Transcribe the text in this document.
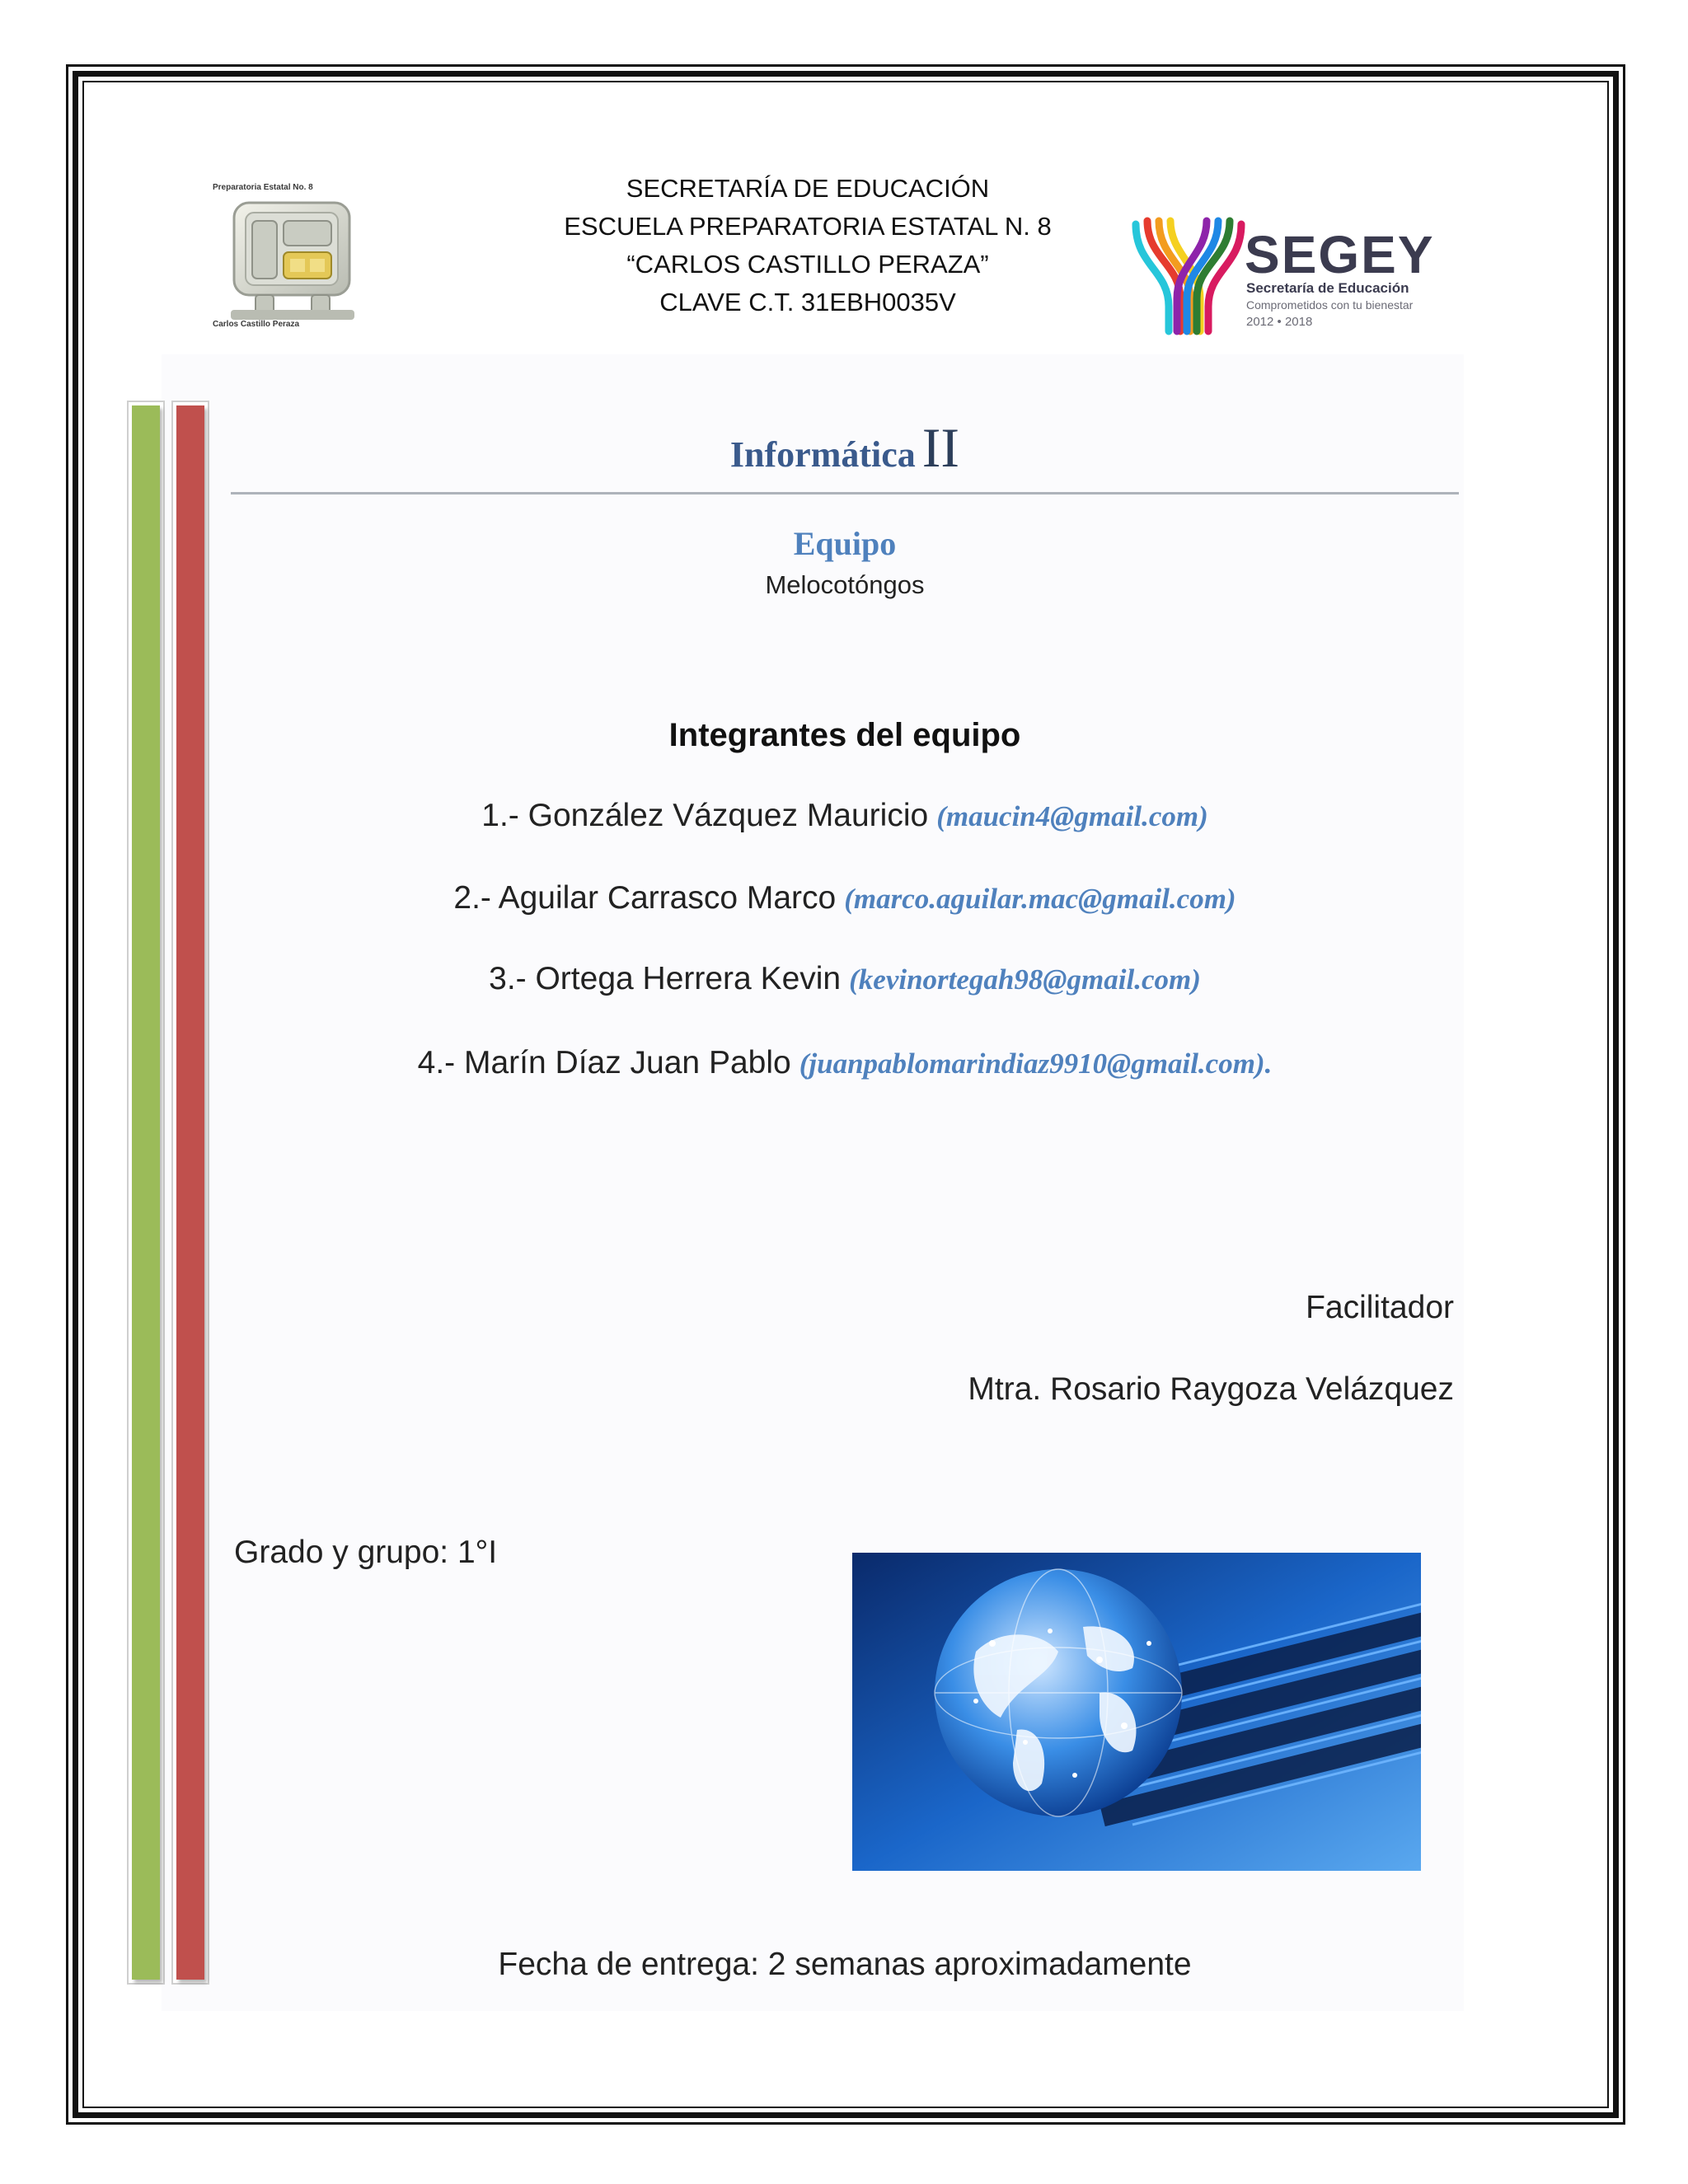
Preparatoria Estatal No. 8
Carlos Castillo Peraza
SECRETARÍA DE EDUCACIÓN
ESCUELA PREPARATORIA ESTATAL N. 8
“CARLOS CASTILLO PERAZA”
CLAVE C.T. 31EBH0035V
SEGEY
Secretaría de Educación
Comprometidos con tu bienestar
2012 • 2018
Informática II
Equipo
Melocotóngos
Integrantes del equipo
1.- González Vázquez Mauricio (maucin4@gmail.com)
2.- Aguilar Carrasco Marco (marco.aguilar.mac@gmail.com)
3.- Ortega Herrera Kevin (kevinortegah98@gmail.com)
4.- Marín Díaz Juan Pablo (juanpablomarindiaz9910@gmail.com).
Facilitador
Mtra. Rosario Raygoza Velázquez
Grado y grupo: 1°I
Fecha de entrega: 2 semanas aproximadamente
